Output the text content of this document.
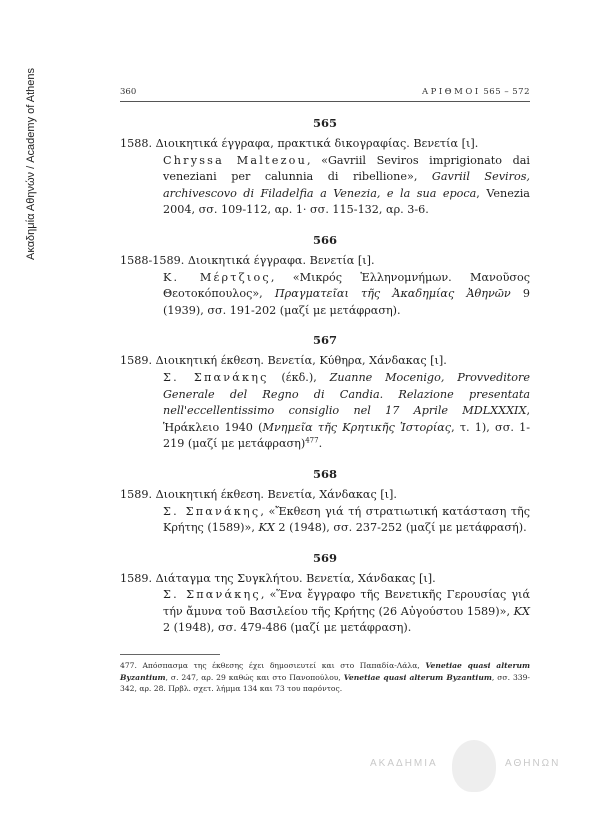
Ακαδημία Αθηνών / Academy of Athens	360	ΑΡΙΘΜΟΙ 565 – 572
565

1588. Διοικητικά έγγραφα, πρακτικά δικογραφίας. Βενετία [ι].
Chryssa Maltezou, «Gavriil Seviros imprigionato dai veneziani per calunnia di ribellione», Gavriil Seviros, archivescovo di Filadelfia a Venezia, e la sua epoca, Venezia 2004, σσ. 109-112, αρ. 1· σσ. 115-132, αρ. 3-6.

566

1588-1589. Διοικητικά έγγραφα. Βενετία [ι].
Κ. Μέρτζιος, «Μικρός Ἑλληνομνήμων. Μανοῦσος Θεοτοκόπουλος», Πραγματεῖαι τῆς Ἀκαδημίας Ἀθηνῶν 9 (1939), σσ. 191-202 (μαζί με μετάφραση).

567

1589. Διοικητική έκθεση. Βενετία, Κύθηρα, Χάνδακας [ι].
Σ. Σπανάκης (έκδ.), Zuanne Mocenigo, Provveditore Generale del Regno di Candia. Relazione presentata nell'eccellentissimo consiglio nel 17 Aprile MDLXXXIX, Ἡράκλειο 1940 (Μνημεῖα τῆς Κρητικῆς Ἱστορίας, τ. 1), σσ. 1-219 (μαζί με μετάφραση)$^{477}$.

568

1589. Διοικητική έκθεση. Βενετία, Χάνδακας [ι].
Σ. Σπανάκης, «Ἔκθεση γιά τή στρατιωτική κατάσταση τῆς Κρήτης (1589)», ΚΧ 2 (1948), σσ. 237-252 (μαζί με μετάφρασή).

569

1589. Διάταγμα της Συγκλήτου. Βενετία, Χάνδακας [ι].
Σ. Σπανάκης, «Ἕνα ἔγγραφο τῆς Βενετικῆς Γερουσίας γιά τήν ἄμυνα τοῦ Βασιλείου τῆς Κρήτης (26 Αὐγούστου 1589)», ΚΧ 2 (1948), σσ. 479-486 (μαζί με μετάφραση).

477. Απόσπασμα της έκθεσης έχει δημοσιευτεί και στο Παπαδία-Λάλα, Venetiae quasi alterum Byzantium, σ. 247, αρ. 29 καθώς και στο Πανοπούλου, Venetiae quasi alterum Byzantium, σσ. 339-342, αρ. 28. Πρβλ. σχετ. λήμμα 134 και 73 του παρόντος.
ΑΚΑΔΗΜΙΑ	ΑΘΗΝΩΝ
